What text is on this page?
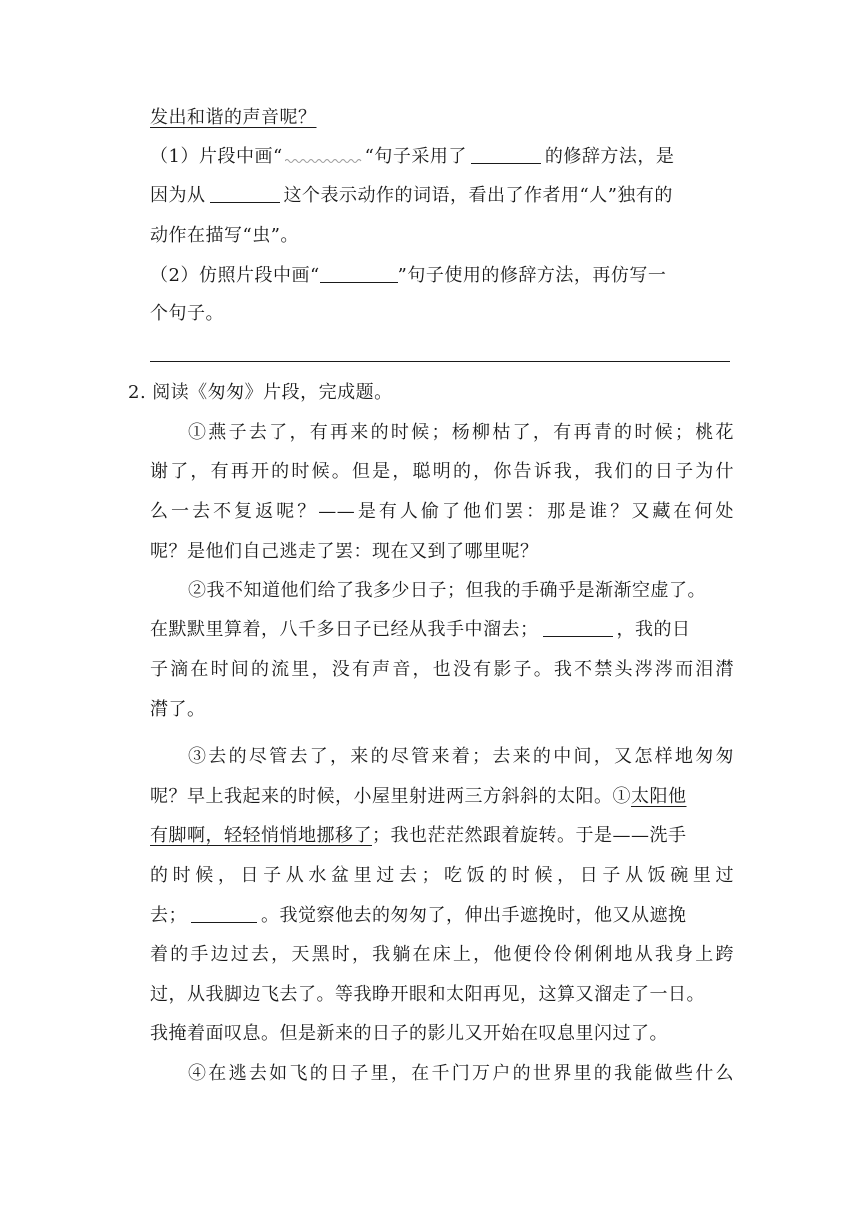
发出和谐的声音呢？
（1）片段中画“	“句子采用了	的修辞方法，是
因为从	这个表示动作的词语，看出了作者用“人”独有的
动作在描写“虫”。
（2）仿照片段中画“	”句子使用的修辞方法，再仿写一
个句子。
2. 阅读《匆匆》片段，完成题。
①燕子去了，有再来的时候；杨柳枯了，有再青的时候；桃花
谢了，有再开的时候。但是，聪明的，你告诉我，我们的日子为什
么一去不复返呢？——是有人偷了他们罢：那是谁？又藏在何处
呢？是他们自己逃走了罢：现在又到了哪里呢？
②我不知道他们给了我多少日子；但我的手确乎是渐渐空虚了。
在默默里算着，八千多日子已经从我手中溜去；	，我的日
子滴在时间的流里，没有声音，也没有影子。我不禁头涔涔而泪潸
潸了。
③去的尽管去了，来的尽管来着；去来的中间，又怎样地匆匆
呢？早上我起来的时候，小屋里射进两三方斜斜的太阳。①太阳他
有脚啊，轻轻悄悄地挪移了；我也茫茫然跟着旋转。于是——洗手
的时候，日子从水盆里过去；吃饭的时候，日子从饭碗里过
去；	。我觉察他去的匆匆了，伸出手遮挽时，他又从遮挽
着的手边过去，天黑时，我躺在床上，他便伶伶俐俐地从我身上跨
过，从我脚边飞去了。等我睁开眼和太阳再见，这算又溜走了一日。
我掩着面叹息。但是新来的日子的影儿又开始在叹息里闪过了。
④在逃去如飞的日子里，在千门万户的世界里的我能做些什么
